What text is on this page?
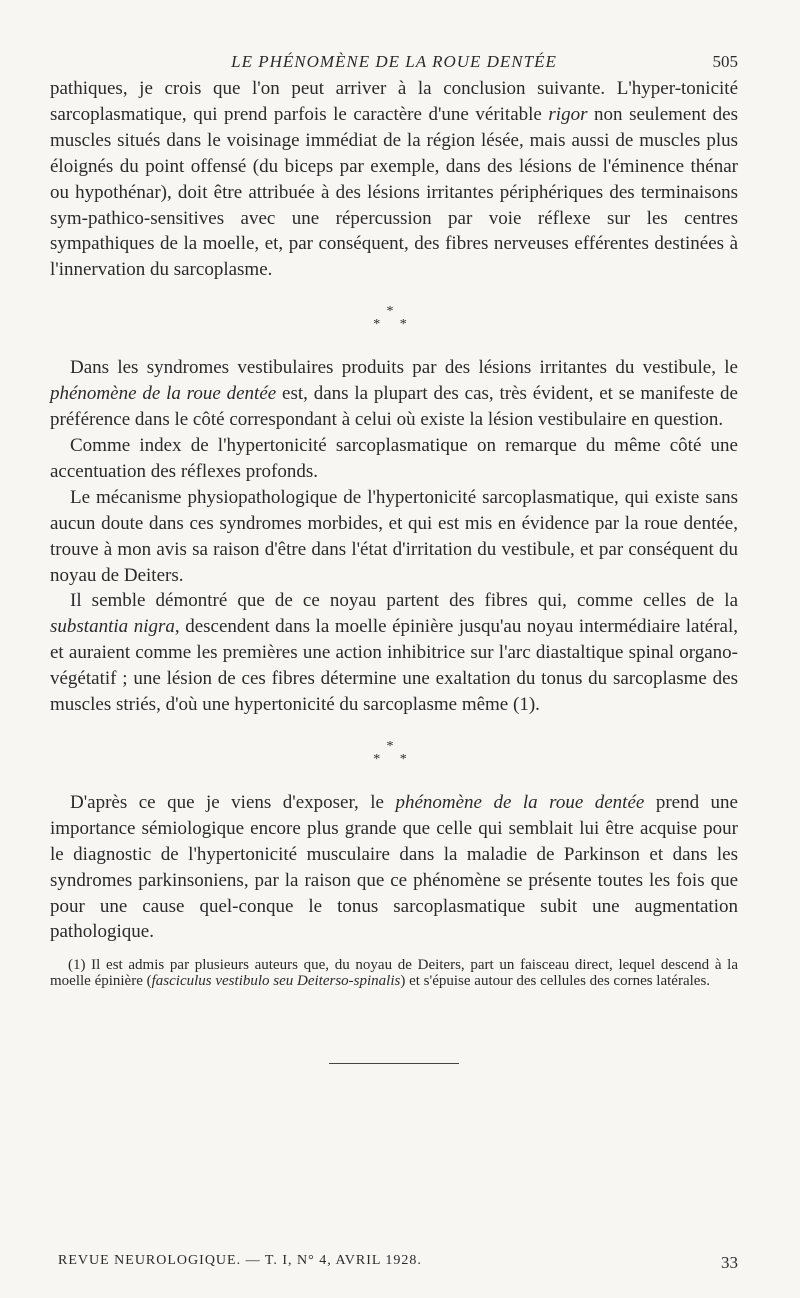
LE PHÉNOMÈNE DE LA ROUE DENTÉE	505

pathiques, je crois que l'on peut arriver à la conclusion suivante. L'hyper-tonicité sarcoplasmatique, qui prend parfois le caractère d'une véritable rigor non seulement des muscles situés dans le voisinage immédiat de la région lésée, mais aussi de muscles plus éloignés du point offensé (du biceps par exemple, dans des lésions de l'éminence thénar ou hypothénar), doit être attribuée à des lésions irritantes périphériques des terminaisons sym-pathico-sensitives avec une répercussion par voie réflexe sur les centres sympathiques de la moelle, et, par conséquent, des fibres nerveuses efférentes destinées à l'innervation du sarcoplasme.

*
* *

Dans les syndromes vestibulaires produits par des lésions irritantes du vestibule, le phénomène de la roue dentée est, dans la plupart des cas, très évident, et se manifeste de préférence dans le côté correspondant à celui où existe la lésion vestibulaire en question.

Comme index de l'hypertonicité sarcoplasmatique on remarque du même côté une accentuation des réflexes profonds.

Le mécanisme physiopathologique de l'hypertonicité sarcoplasmatique, qui existe sans aucun doute dans ces syndromes morbides, et qui est mis en évidence par la roue dentée, trouve à mon avis sa raison d'être dans l'état d'irritation du vestibule, et par conséquent du noyau de Deiters.

Il semble démontré que de ce noyau partent des fibres qui, comme celles de la substantia nigra, descendent dans la moelle épinière jusqu'au noyau intermédiaire latéral, et auraient comme les premières une action inhibitrice sur l'arc diastaltique spinal organo-végétatif ; une lésion de ces fibres détermine une exaltation du tonus du sarcoplasme des muscles striés, d'où une hypertonicité du sarcoplasme même (1).

*
* *

D'après ce que je viens d'exposer, le phénomène de la roue dentée prend une importance sémiologique encore plus grande que celle qui semblait lui être acquise pour le diagnostic de l'hypertonicité musculaire dans la maladie de Parkinson et dans les syndromes parkinsoniens, par la raison que ce phénomène se présente toutes les fois que pour une cause quel-conque le tonus sarcoplasmatique subit une augmentation pathologique.

(1) Il est admis par plusieurs auteurs que, du noyau de Deiters, part un faisceau direct, lequel descend à la moelle épinière (fasciculus vestibulo seu Deiterso-spinalis) et s'épuise autour des cellules des cornes latérales.

REVUE NEUROLOGIQUE. — T. I, N° 4, AVRIL 1928.	33
